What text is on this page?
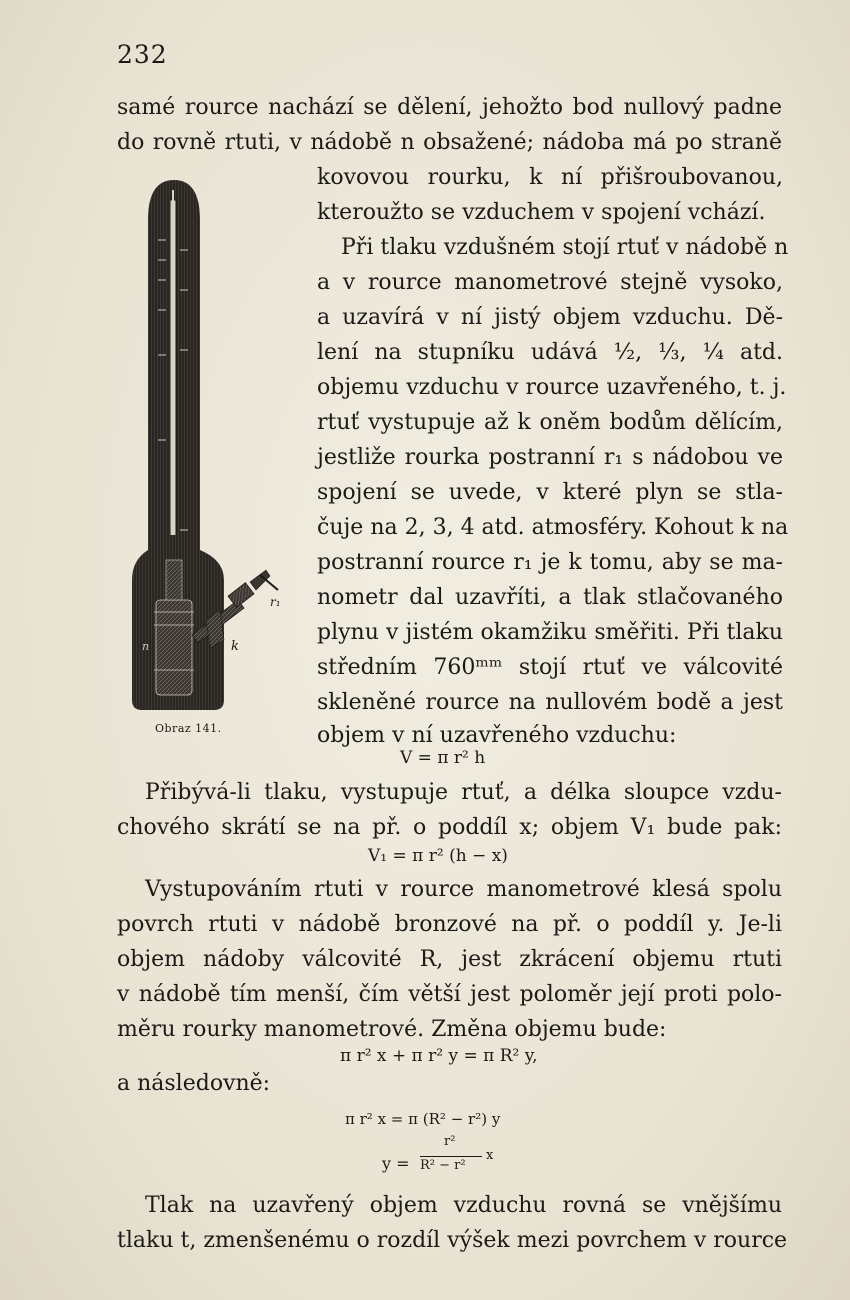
232
samé rource nachází se dělení, jehožto bod nullový padne
do rovně rtuti, v nádobě n obsažené; nádoba má po straně
kovovou rourku, k ní přišroubovanou,
kteroužto se vzduchem v spojení vchází.
Při tlaku vzdušném stojí rtuť v nádobě n
a v rource manometrové stejně vysoko,
a uzavírá v ní jistý objem vzduchu. Dě-
lení na stupníku udává ½, ⅓, ¼ atd.
objemu vzduchu v rource uzavřeného, t. j.
rtuť vystupuje až k oněm bodům dělícím,
jestliže rourka postranní r₁ s nádobou ve
spojení se uvede, v které plyn se stla-
čuje na 2, 3, 4 atd. atmosféry. Kohout k na
postranní rource r₁ je k tomu, aby se ma-
nometr dal uzavříti, a tlak stlačovaného
plynu v jistém okamžiku směřiti. Při tlaku
středním 760ᵐᵐ stojí rtuť ve válcovité
skleněné rource na nullovém bodě a jest
objem v ní uzavřeného vzduchu:
V = π r² h
Přibývá-li tlaku, vystupuje rtuť, a délka sloupce vzdu-
chového skrátí se na př. o poddíl x; objem V₁ bude pak:
V₁ = π r² (h − x)
Vystupováním rtuti v rource manometrové klesá spolu
povrch rtuti v nádobě bronzové na př. o poddíl y. Je-li
objem nádoby válcovité R, jest zkrácení objemu rtuti
v nádobě tím menší, čím větší jest poloměr její proti polo-
měru rourky manometrové. Změna objemu bude:
π r² x + π r² y = π R² y,
a následovně:
π r² x = π (R² − r²) y
y =
r²
R² − r²
x
Tlak na uzavřený objem vzduchu rovná se vnějšímu
tlaku t, zmenšenému o rozdíl výšek mezi povrchem v rource
r₁
k
n
Obraz 141.
